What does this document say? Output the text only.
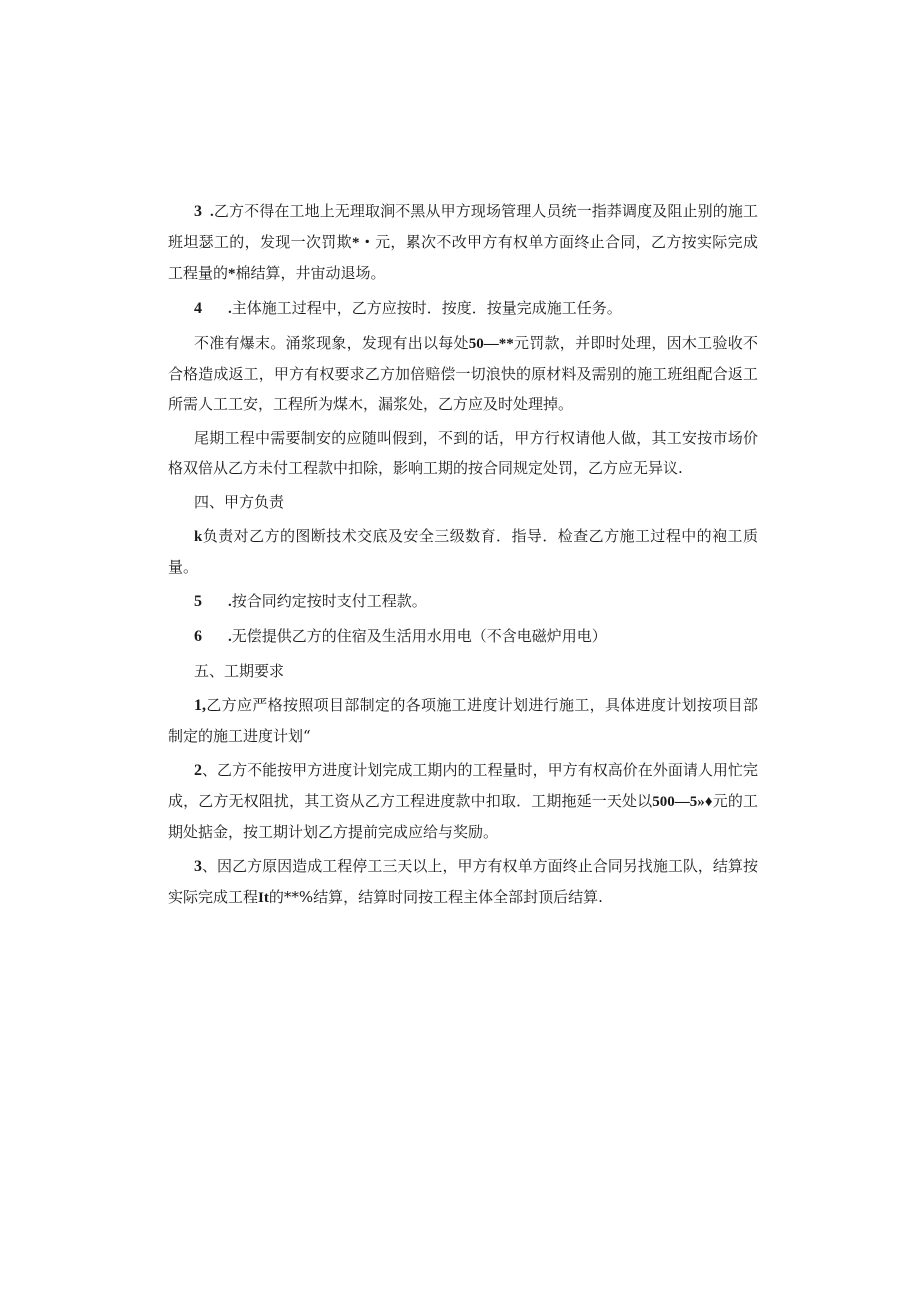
3 .乙方不得在工地上无理取涧不黑从甲方现场管理人员统一指莽调度及阻止别的施工班坦瑟工的，发现一次罚欺*・元，累次不改甲方有权单方面终止合同，乙方按实际完成工程量的*棉结算，井宙动退场。

4 .主体施工过程中，乙方应按时．按度．按量完成施工任务。

不准有爆末。涌浆现象，发现有出以每处50—**元罚款，并即时处理，因木工验收不合格造成返工，甲方有权要求乙方加倍赔偿一切浪快的原材料及需别的施工班组配合返工所需人工工安，工程所为煤木，漏浆处，乙方应及时处理掉。

尾期工程中需要制安的应随叫假到，不到的话，甲方行权请他人做，其工安按市场价格双倍从乙方未付工程款中扣除，影响工期的按合同规定处罚，乙方应无异议.

四、甲方负责

k负责对乙方的图断技术交底及安全三级数育．指导．检查乙方施工过程中的袍工质量。

5 .按合同约定按时支付工程款。

6 .无偿提供乙方的住宿及生活用水用电（不含电磁炉用电）

五、工期要求

1,乙方应严格按照项目部制定的各项施工进度计划进行施工，具体进度计划按项目部制定的施工进度计划“

2、乙方不能按甲方进度计划完成工期内的工程量时，甲方有权高价在外面请人用忙完成，乙方无权阻扰，其工资从乙方工程进度款中扣取．工期拖延一天处以500—5»♦元的工期处掂金，按工期计划乙方提前完成应给与奖励。

3、因乙方原因造成工程停工三天以上，甲方有权单方面终止合同另找施工队，结算按实际完成工程It的**%结算，结算时同按工程主体全部封顶后结算.
